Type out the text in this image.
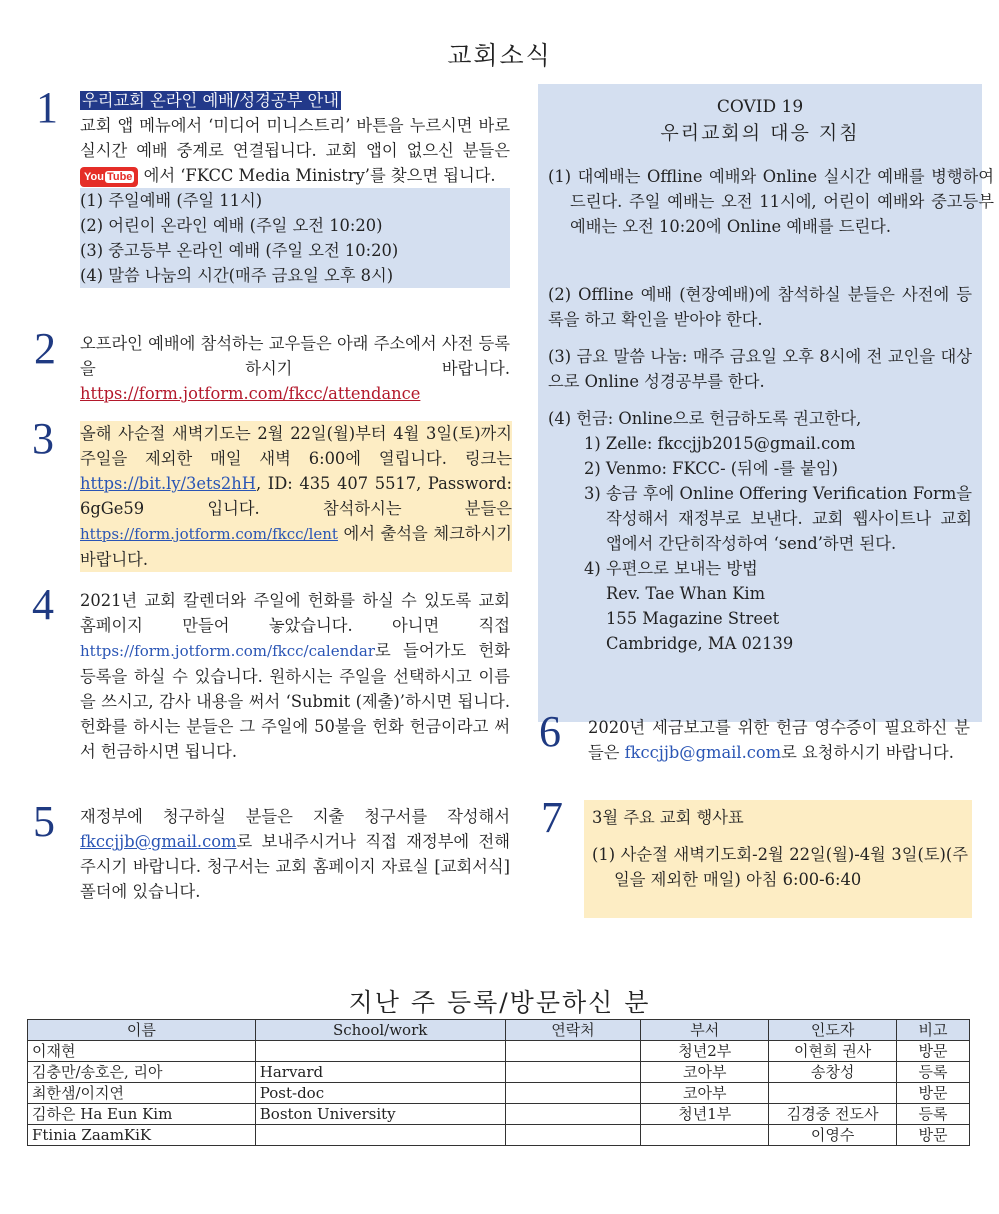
교회소식
1 우리교회 온라인 예배/성경공부 안내
교회 앱 메뉴에서 ‘미디어 미니스트리’ 바튼을 누르시면 바로 실시간 예배 중계로 연결됩니다. 교회 앱이 없으신 분들은 You Tube 에서 ‘FKCC Media Ministry’를 찾으면 됩니다.
(1) 주일예배 (주일 11시)
(2) 어린이 온라인 예배 (주일 오전 10:20)
(3) 중고등부 온라인 예배 (주일 오전 10:20)
(4) 말씀 나눔의 시간(매주 금요일 오후 8시)
2 오프라인 예배에 참석하는 교우들은 아래 주소에서 사전 등록을 하시기 바랍니다. https://form.jotform.com/fkcc/attendance
3 올해 사순절 새벽기도는 2월 22일(월)부터 4월 3일(토)까지 주일을 제외한 매일 새벽 6:00에 열립니다. 링크는 https://bit.ly/3ets2hH, ID: 435 407 5517, Password: 6gGe59 입니다. 참석하시는 분들은 https://form.jotform.com/fkcc/lent 에서 출석을 체크하시기 바랍니다.
4 2021년 교회 칼렌더와 주일에 헌화를 하실 수 있도록 교회 홈페이지 만들어 놓았습니다. 아니면 직접 https://form.jotform.com/fkcc/calendar로 들어가도 헌화 등록을 하실 수 있습니다. 원하시는 주일을 선택하시고 이름을 쓰시고, 감사 내용을 써서 ‘Submit (제출)’하시면 됩니다. 헌화를 하시는 분들은 그 주일에 50불을 헌화 헌금이라고 써서 헌금하시면 됩니다.
5 재정부에 청구하실 분들은 지출 청구서를 작성해서 fkccjjb@gmail.com로 보내주시거나 직접 재정부에 전해 주시기 바랍니다. 청구서는 교회 홈페이지 자료실 [교회서식] 폴더에 있습니다.
COVID 19
우리교회의 대응 지침
(1) 대예배는 Offline 예배와 Online 실시간 예배를 병행하여 드린다. 주일 예배는 오전 11시에, 어린이 예배와 중고등부 예배는 오전 10:20에 Online 예배를 드린다.
(2) Offline 예배 (현장예배)에 참석하실 분들은 사전에 등록을 하고 확인을 받아야 한다.
(3) 금요 말씀 나눔: 매주 금요일 오후 8시에 전 교인을 대상으로 Online 성경공부를 한다.
(4) 헌금: Online으로 헌금하도록 권고한다,
1) Zelle: fkccjjb2015@gmail.com
2) Venmo: FKCC- (뒤에 -를 붙임)
3) 송금 후에 Online Offering Verification Form을 작성해서 재정부로 보낸다. 교회 웹사이트나 교회 앱에서 간단히작성하여 ‘send’하면 된다.
4) 우편으로 보내는 방법
Rev. Tae Whan Kim
155 Magazine Street
Cambridge, MA 02139
6 2020년 세금보고를 위한 헌금 영수증이 필요하신 분들은 fkccjjb@gmail.com로 요청하시기 바랍니다.
7 3월 주요 교회 행사표
(1) 사순절 새벽기도회-2월 22일(월)-4월 3일(토)(주일을 제외한 매일) 아침 6:00-6:40
지난 주 등록/방문하신 분
이름	School/work	연락처	부서	인도자	비고
이재현			청년2부	이현희 권사	방문
김충만/송호은, 리아	Harvard		코아부	송창성	등록
최한샘/이지연	Post-doc		코아부		방문
김하은 Ha Eun Kim	Boston University		청년1부	김경중 전도사	등록
Ftinia ZaamKiK				이영수	방문
